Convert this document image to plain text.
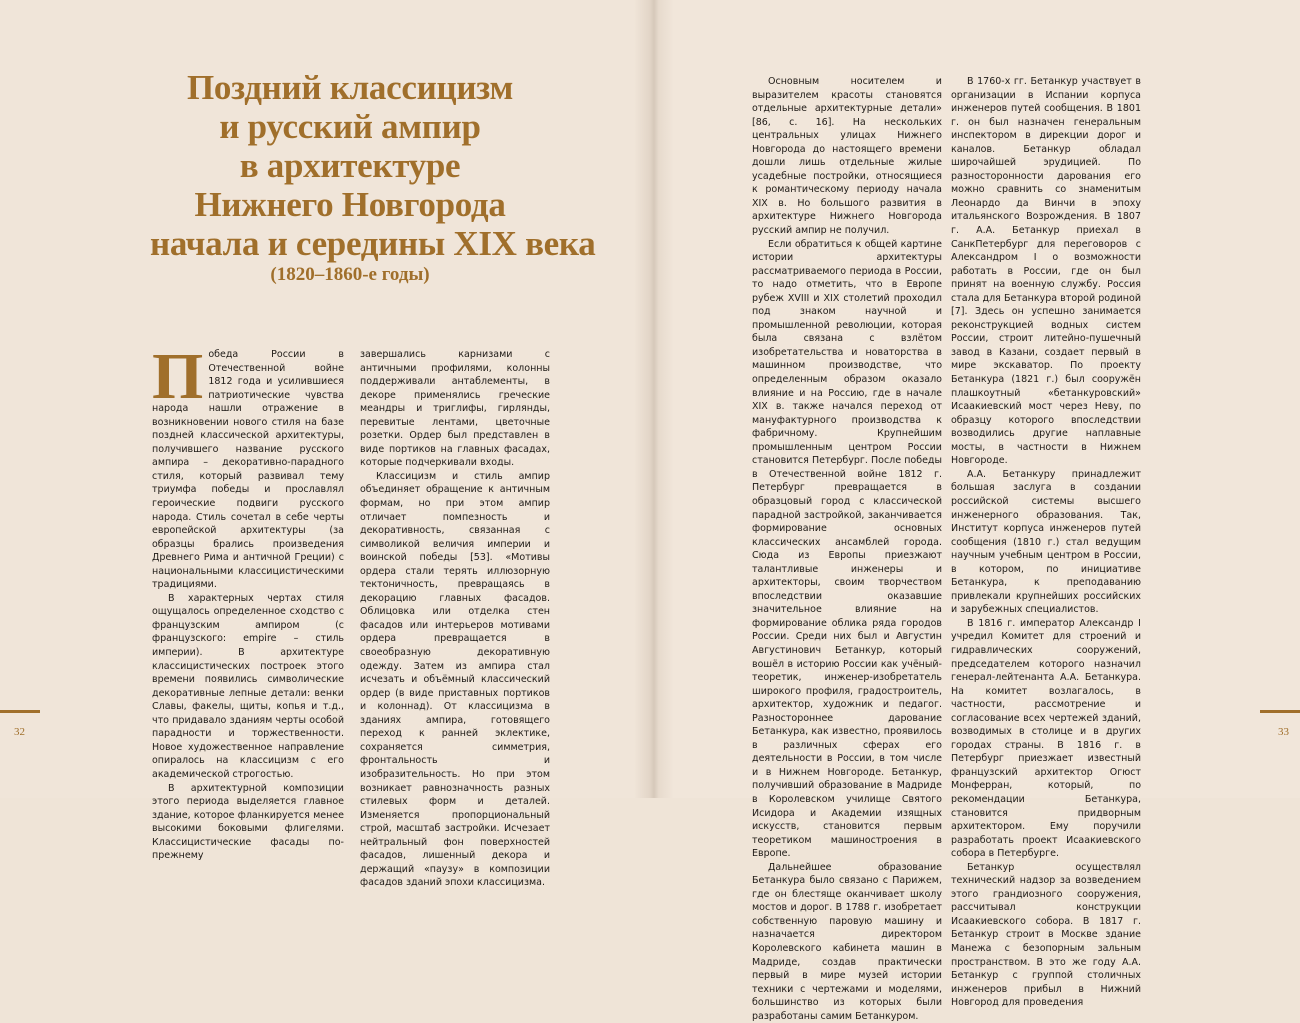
Поздний классицизм
и русский ампир
в архитектуре
Нижнего Новгорода
начала и середины XIX века
(1820–1860-е годы)

Победа России в Отечественной войне 1812 года и усилившиеся патриотические чувства народа нашли отражение в возникновении нового стиля на базе поздней классической архитектуры, получившего название русского ампира – декоративно-парадного стиля, который развивал тему триумфа победы и прославлял героические подвиги русского народа. Стиль сочетал в себе черты европейской архитектуры (за образцы брались произведения Древнего Рима и античной Греции) с национальными классицистическими традициями.

В характерных чертах стиля ощущалось определенное сходство с французским ампиром (с французского: empire – стиль империи). В архитектуре классицистических построек этого времени появились символические декоративные лепные детали: венки Славы, факелы, щиты, копья и т.д., что придавало зданиям черты особой парадности и торжественности. Новое художественное направление опиралось на классицизм с его академической строгостью.

В архитектурной композиции этого периода выделяется главное здание, которое фланкируется менее высокими боковыми флигелями. Классицистические фасады по-прежнему

завершались карнизами с античными профилями, колонны поддерживали антаблементы, в декоре применялись греческие меандры и триглифы, гирлянды, перевитые лентами, цветочные розетки. Ордер был представлен в виде портиков на главных фасадах, которые подчеркивали входы.

Классицизм и стиль ампир объединяет обращение к античным формам, но при этом ампир отличает помпезность и декоративность, связанная с символикой величия империи и воинской победы [53]. «Мотивы ордера стали терять иллюзорную тектоничность, превращаясь в декорацию главных фасадов. Облицовка или отделка стен фасадов или интерьеров мотивами ордера превращается в своеобразную декоративную одежду. Затем из ампира стал исчезать и объёмный классический ордер (в виде приставных портиков и колоннад). От классицизма в зданиях ампира, готовящего переход к ранней эклектике, сохраняется симметрия, фронтальность и изобразительность. Но при этом возникает равнозначность разных стилевых форм и деталей. Изменяется пропорциональный строй, масштаб застройки. Исчезает нейтральный фон поверхностей фасадов, лишенный декора и держащий «паузу» в композиции фасадов зданий эпохи классицизма.

32

Основным носителем и выразителем красоты становятся отдельные архитектурные детали» [86, с. 16]. На нескольких центральных улицах Нижнего Новгорода до настоящего времени дошли лишь отдельные жилые усадебные постройки, относящиеся к романтическому периоду начала XIX в. Но большого развития в архитектуре Нижнего Новгорода русский ампир не получил.

Если обратиться к общей картине истории архитектуры рассматриваемого периода в России, то надо отметить, что в Европе рубеж XVIII и XIX столетий проходил под знаком научной и промышленной революции, которая была связана с взлётом изобретательства и новаторства в машинном производстве, что определенным образом оказало влияние и на Россию, где в начале XIX в. также начался переход от мануфактурного производства к фабричному. Крупнейшим промышленным центром России становится Петербург. После победы в Отечественной войне 1812 г. Петербург превращается в образцовый город с классической парадной застройкой, заканчивается формирование основных классических ансамблей города. Сюда из Европы приезжают талантливые инженеры и архитекторы, своим творчеством впоследствии оказавшие значительное влияние на формирование облика ряда городов России. Среди них был и Августин Августинович Бетанкур, который вошёл в историю России как учёный-теоретик, инженер-изобретатель широкого профиля, градостроитель, архитектор, художник и педагог. Разностороннее дарование Бетанкура, как известно, проявилось в различных сферах его деятельности в России, в том числе и в Нижнем Новгороде. Бетанкур, получивший образование в Мадриде в Королевском училище Святого Исидора и Академии изящных искусств, становится первым теоретиком машиностроения в Европе.

Дальнейшее образование Бетанкура было связано с Парижем, где он блестяще оканчивает школу мостов и дорог. В 1788 г. изобретает собственную паровую машину и назначается директором Королевского кабинета машин в Мадриде, создав практически первый в мире музей истории техники с чертежами и моделями, большинство из которых были разработаны самим Бетанкуром.

В 1760-х гг. Бетанкур участвует в организации в Испании корпуса инженеров путей сообщения. В 1801 г. он был назначен генеральным инспектором в дирекции дорог и каналов. Бетанкур обладал широчайшей эрудицией. По разносторонности дарования его можно сравнить со знаменитым Леонардо да Винчи в эпоху итальянского Возрождения. В 1807 г. А.А. Бетанкур приехал в СанкПетербург для переговоров с Александром I о возможности работать в России, где он был принят на военную службу. Россия стала для Бетанкура второй родиной [7]. Здесь он успешно занимается реконструкцией водных систем России, строит литейно-пушечный завод в Казани, создает первый в мире экскаватор. По проекту Бетанкура (1821 г.) был сооружён плашкоутный «бетанкуровский» Исаакиевский мост через Неву, по образцу которого впоследствии возводились другие наплавные мосты, в частности в Нижнем Новгороде.

А.А. Бетанкуру принадлежит большая заслуга в создании российской системы высшего инженерного образования. Так, Институт корпуса инженеров путей сообщения (1810 г.) стал ведущим научным учебным центром в России, в котором, по инициативе Бетанкура, к преподаванию привлекали крупнейших российских и зарубежных специалистов.

В 1816 г. император Александр I учредил Комитет для строений и гидравлических сооружений, председателем которого назначил генерал-лейтенанта А.А. Бетанкура. На комитет возлагалось, в частности, рассмотрение и согласование всех чертежей зданий, возводимых в столице и в других городах страны. В 1816 г. в Петербург приезжает известный французский архитектор Огюст Монферран, который, по рекомендации Бетанкура, становится придворным архитектором. Ему поручили разработать проект Исаакиевского собора в Петербурге.

Бетанкур осуществлял технический надзор за возведением этого грандиозного сооружения, рассчитывал конструкции Исаакиевского собора. В 1817 г. Бетанкур строит в Москве здание Манежа с безопорным зальным пространством. В это же году А.А. Бетанкур с группой столичных инженеров прибыл в Нижний Новгород для проведения

33
